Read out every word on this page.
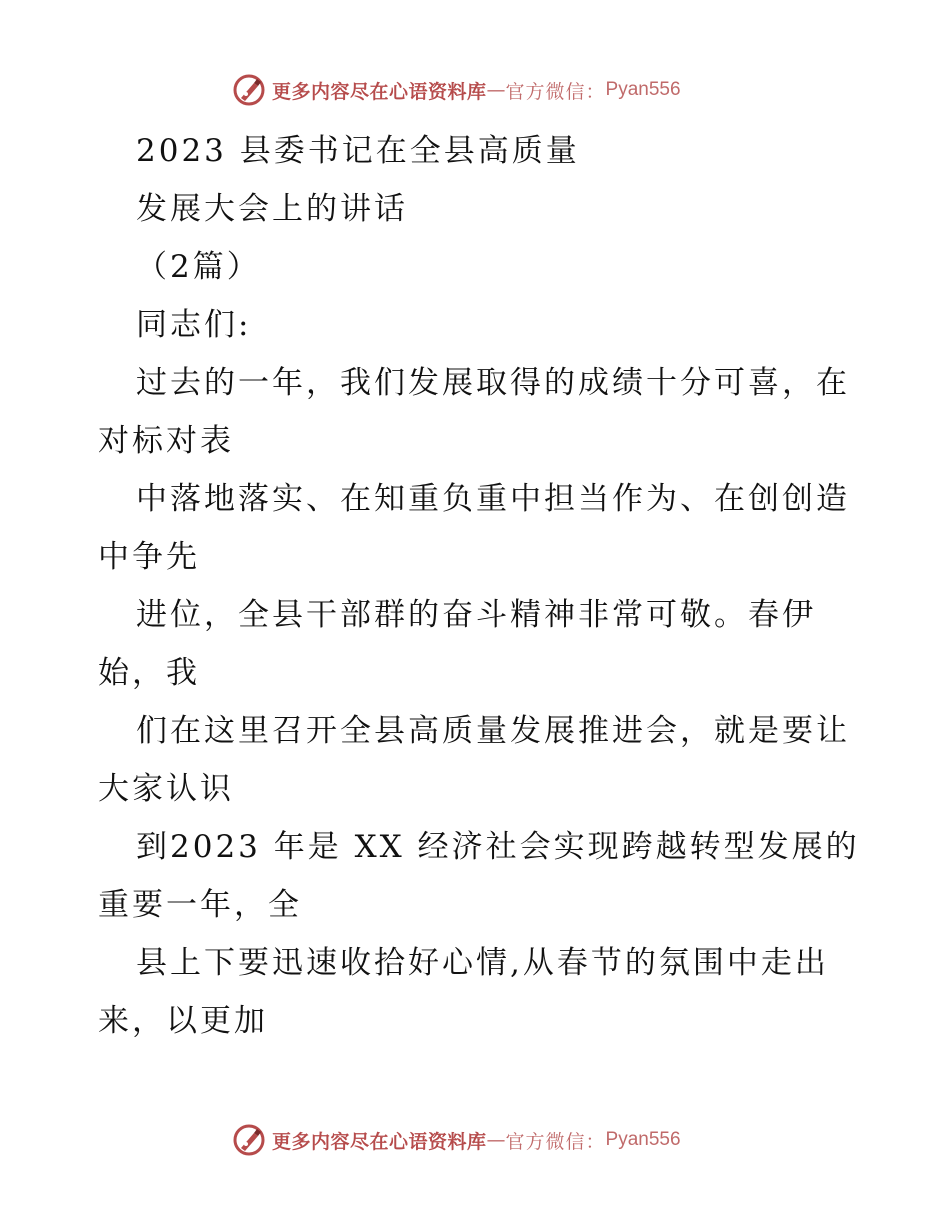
更多内容尽在心语资料库 — 官方微信： Pyan556
2023 县委书记在全县高质量
发展大会上的讲话
（2篇）
同志们:
过去的一年，我们发展取得的成绩十分可喜，在
对标对表
中落地落实、在知重负重中担当作为、在创创造
中争先
进位，全县干部群的奋斗精神非常可敬。春伊
始，我
们在这里召开全县高质量发展推进会，就是要让
大家认识
到2023 年是 XX 经济社会实现跨越转型发展的
重要一年，全
县上下要迅速收拾好心情,从春节的氛围中走出
来，以更加
更多内容尽在心语资料库 — 官方微信： Pyan556
